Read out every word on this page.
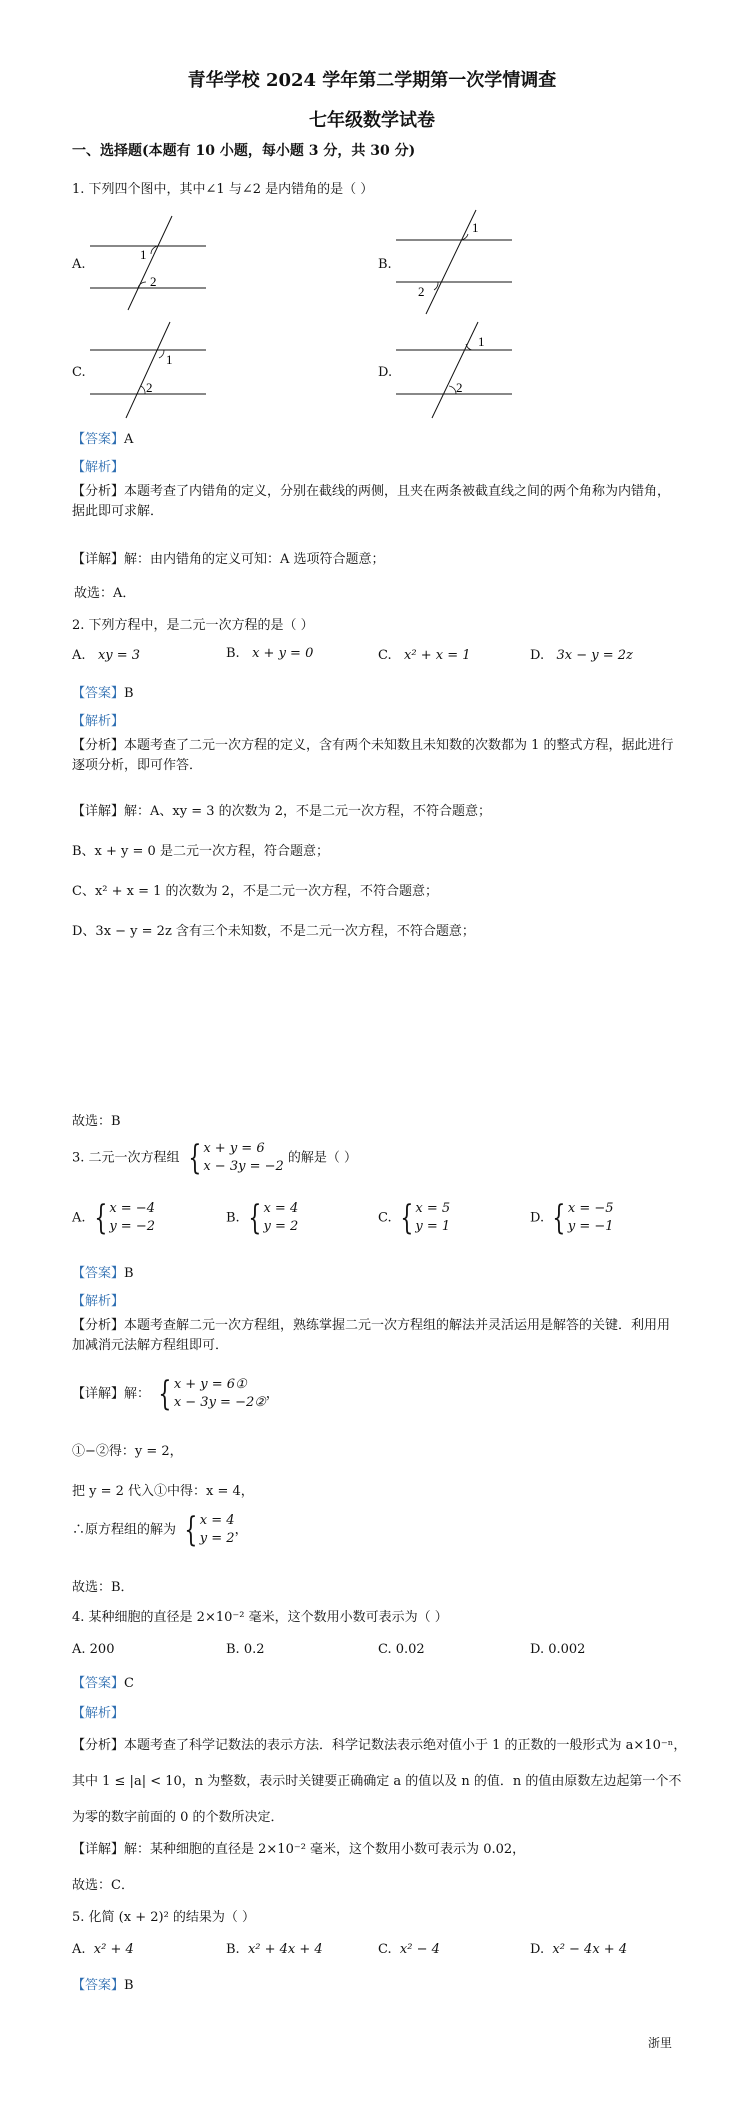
青华学校 2024 学年第二学期第一次学情调查
七年级数学试卷
一、选择题(本题有 10 小题，每小题 3 分，共 30 分)
1. 下列四个图中，其中∠1 与∠2 是内错角的是（ ）
A.	B.
C.	D.
1
2
1
2
1
2
1
2
【答案】A
【解析】
【分析】本题考查了内错角的定义，分别在截线的两侧，且夹在两条被截直线之间的两个角称为内错角，据此即可求解．
【详解】解：由内错角的定义可知：A 选项符合题意；
故选：A．
2. 下列方程中，是二元一次方程的是（ ）
A. xy = 3	B. x + y = 0	C. x² + x = 1	D. 3x − y = 2z
【答案】B
【解析】
【分析】本题考查了二元一次方程的定义，含有两个未知数且未知数的次数都为 1 的整式方程，据此进行逐项分析，即可作答．
【详解】解：A、xy = 3 的次数为 2，不是二元一次方程，不符合题意；
B、x + y = 0 是二元一次方程，符合题意；
C、x² + x = 1 的次数为 2，不是二元一次方程，不符合题意；
D、3x − y = 2z 含有三个未知数，不是二元一次方程，不符合题意；
故选：B
3. 二元一次方程组 { x + y = 6
x − 3y = −2
的解是（ ）
A. { x = −4
y = −2
B. { x = 4
y = 2
C. { x = 5
y = 1
D. { x = −5
y = −1
【答案】B
【解析】
【分析】本题考查解二元一次方程组，熟练掌握二元一次方程组的解法并灵活运用是解答的关键．利用用加减消元法解方程组即可．
【详解】解： { x + y = 6①
x − 3y = −2②
，
①−②得：y = 2，
把 y = 2 代入①中得：x = 4，
∴原方程组的解为 { x = 4
y = 2
，
故选：B．
4. 某种细胞的直径是 2×10⁻² 毫米，这个数用小数可表示为（ ）
A. 200	B. 0.2	C. 0.02	D. 0.002
【答案】C
【解析】
【分析】本题考查了科学记数法的表示方法．科学记数法表示绝对值小于 1 的正数的一般形式为 a×10⁻ⁿ，
其中 1 ≤ |a| < 10，n 为整数，表示时关键要正确确定 a 的值以及 n 的值．n 的值由原数左边起第一个不
为零的数字前面的 0 的个数所决定．
【详解】解：某种细胞的直径是 2×10⁻² 毫米，这个数用小数可表示为 0.02，
故选：C．
5. 化简 (x + 2)² 的结果为（ ）
A. x² + 4	B. x² + 4x + 4	C. x² − 4	D. x² − 4x + 4
【答案】B
浙里
